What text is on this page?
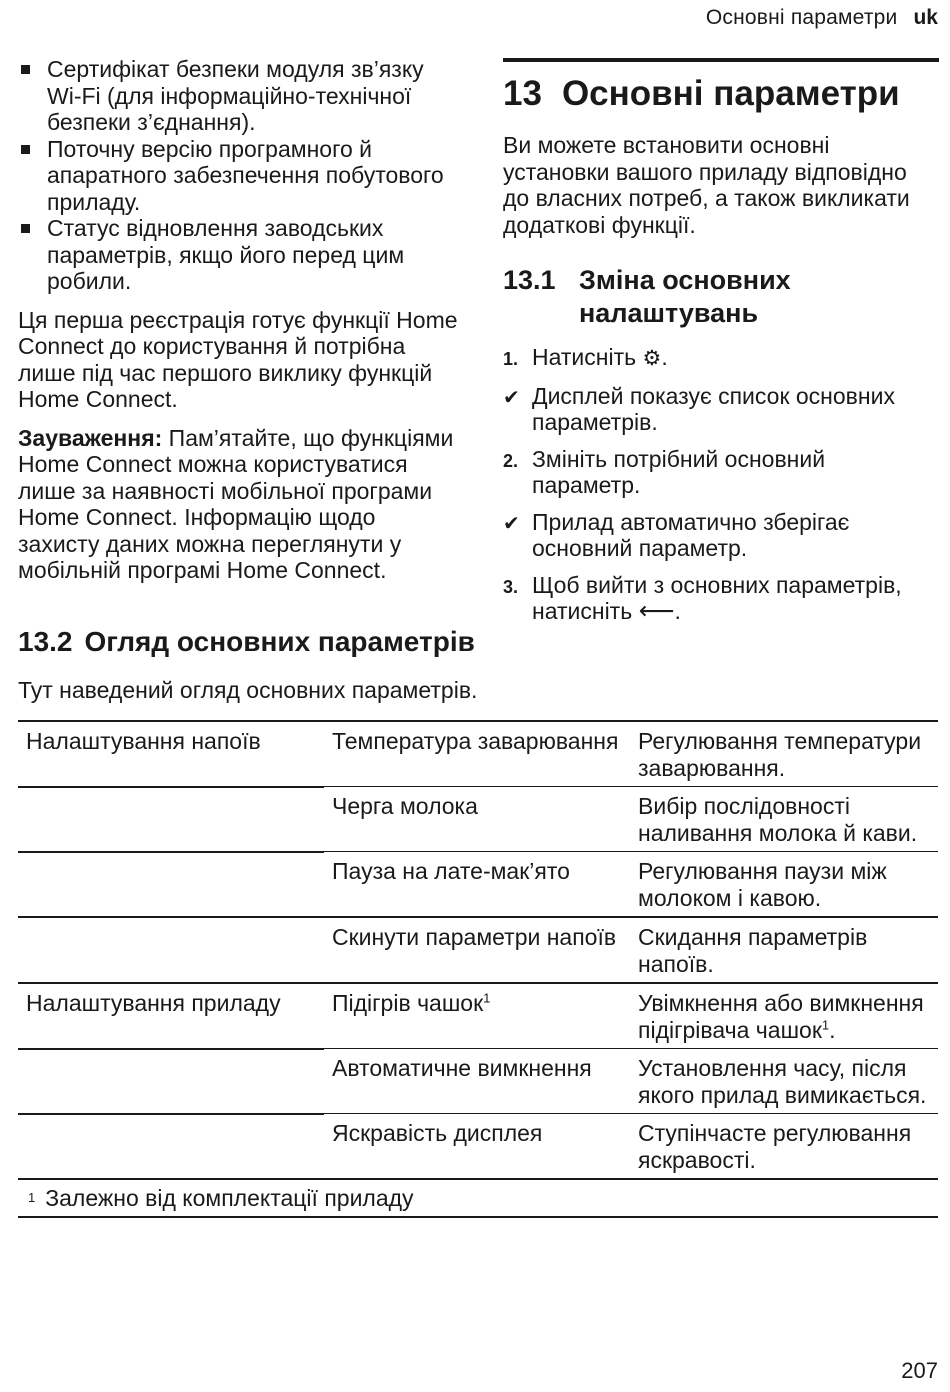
Основні параметри uk
Сертифікат безпеки модуля зв’язку Wi-Fi (для інформаційно-технічної безпеки з’єднання).
Поточну версію програмного й апаратного забезпечення побутового приладу.
Статус відновлення заводських параметрів, якщо його перед цим робили.

Ця перша реєстрація готує функції Home Connect до користування й потрібна лише під час першого виклику функцій Home Connect.

Зауваження: Пам’ятайте, що функціями Home Connect можна користуватися лише за наявності мобільної програми Home Connect. Інформацію щодо захисту даних можна переглянути у мобільній програмі Home Connect.

13 Основні параметри

Ви можете встановити основні установки вашого приладу відповідно до власних потреб, а також викликати додаткові функції.

13.1 Зміна основних налаштувань
1. Натисніть ⚙.
✔ Дисплей показує список основних параметрів.
2. Змініть потрібний основний параметр.
✔ Прилад автоматично зберігає основний параметр.
3. Щоб вийти з основних параметрів, натисніть ⟵.
13.2 Огляд основних параметрів

Тут наведений огляд основних параметрів.

Налаштування напоїв	Температура заварювання	Регулювання температури заварювання.
	Черга молока	Вибір послідовності наливання молока й кави.
	Пауза на лате-мак’ято	Регулювання паузи між молоком і кавою.
	Скинути параметри напоїв	Скидання параметрів напоїв.
Налаштування приладу	Підігрів чашок$^1$	Увімкнення або вимкнення підігрівача чашок$^1$.
	Автоматичне вимкнення	Установлення часу, після якого прилад вимикається.
	Яскравість дисплея	Ступінчасте регулювання яскравості.
$^1$ Залежно від комплектації приладу		
207
